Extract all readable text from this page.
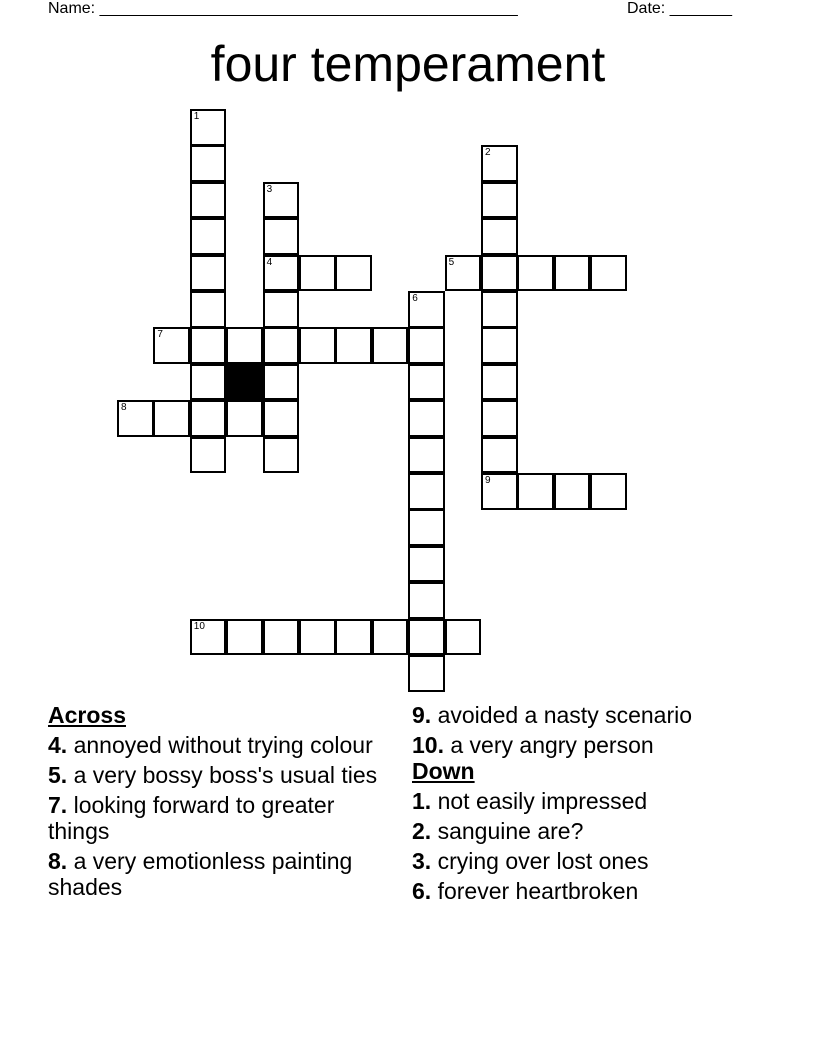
Name: _______________________________________________	Date: _______
four temperament
1
2
9
3
4	5
6
7
8
10
Across
4. annoyed without trying colour
5. a very bossy boss's usual ties
7. looking forward to greater things
8. a very emotionless painting shades
9. avoided a nasty scenario
10. a very angry person
Down
1. not easily impressed
2. sanguine are?
3. crying over lost ones
6. forever heartbroken
